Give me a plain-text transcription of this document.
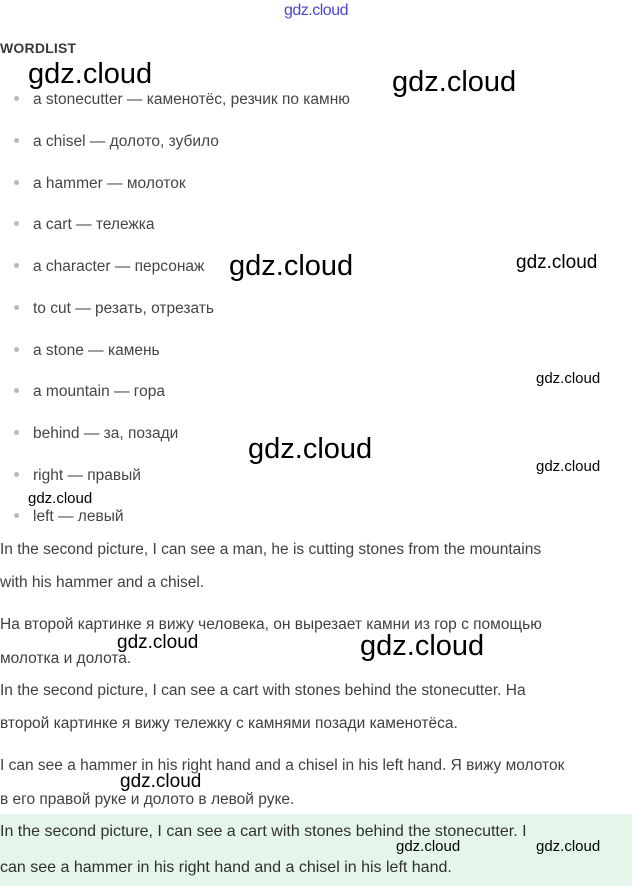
gdz.cloud
WORDLIST
a stonecutter — каменотёс, резчик по камню
a chisel — долото, зубило
a hammer — молоток
a cart — тележка
a character — персонаж
to cut — резать, отрезать
a stone — камень
a mountain — гора
behind — за, позади
right — правый
left — левый
In the second picture, I can see a man, he is cutting stones from the mountains
with his hammer and a chisel.
На второй картинке я вижу человека, он вырезает камни из гор с помощью
молотка и долота.
In the second picture, I can see a cart with stones behind the stonecutter. На
второй картинке я вижу тележку с камнями позади каменотёса.
I can see a hammer in his right hand and a chisel in his left hand. Я вижу молоток
в его правой руке и долото в левой руке.
In the second picture, I can see a cart with stones behind the stonecutter. I
can see a hammer in his right hand and a chisel in his left hand.
gdz.cloud	gdz.cloud
gdz.cloud	gdz.cloud
gdz.cloud
gdz.cloud
gdz.cloud
gdz.cloud
gdz.cloud	gdz.cloud
gdz.cloud
gdz.cloud	gdz.cloud
